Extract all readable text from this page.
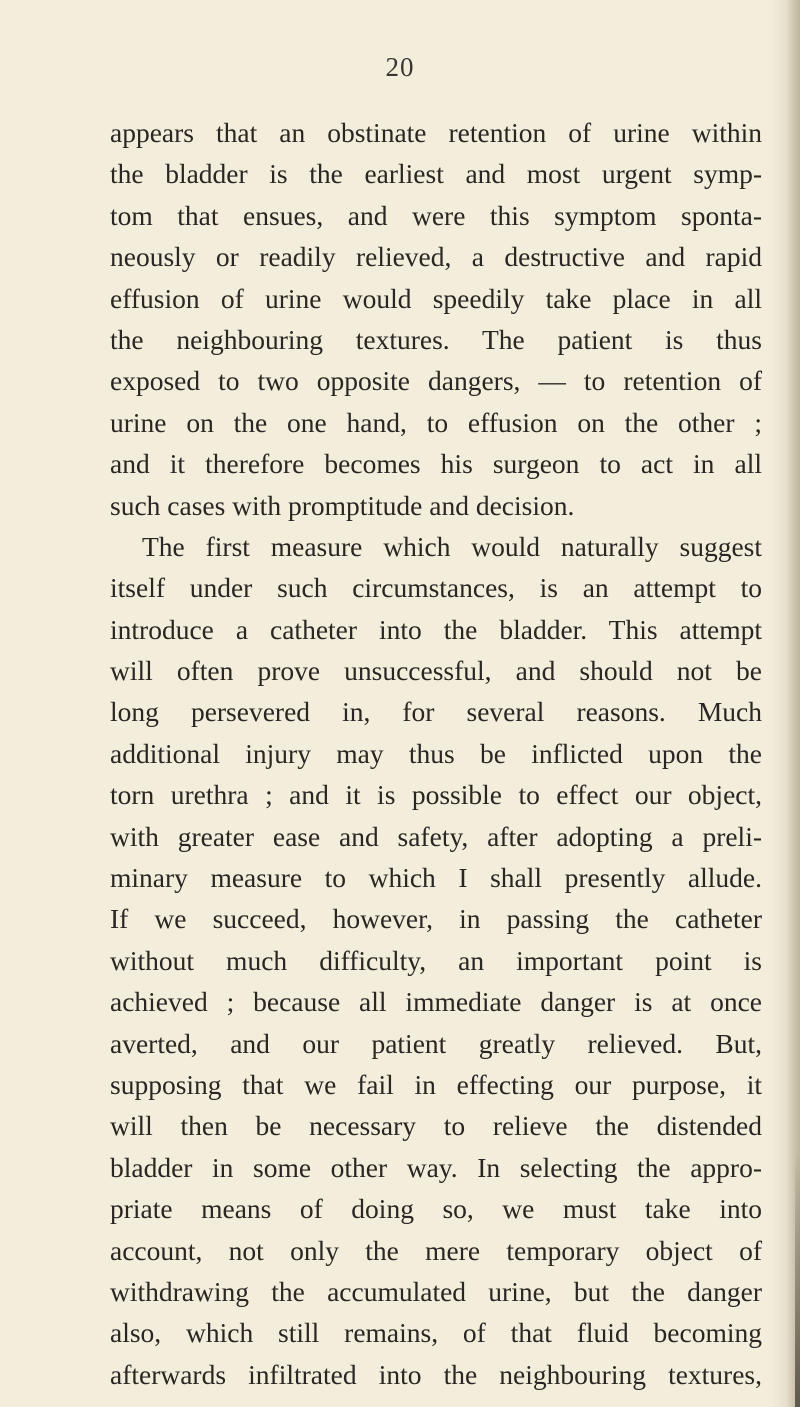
20
appears that an obstinate retention of urine within
the bladder is the earliest and most urgent symp-
tom that ensues, and were this symptom sponta-
neously or readily relieved, a destructive and rapid
effusion of urine would speedily take place in all
the neighbouring textures. The patient is thus
exposed to two opposite dangers, — to retention of
urine on the one hand, to effusion on the other ;
and it therefore becomes his surgeon to act in all
such cases with promptitude and decision.
The first measure which would naturally suggest
itself under such circumstances, is an attempt to
introduce a catheter into the bladder. This attempt
will often prove unsuccessful, and should not be
long persevered in, for several reasons. Much
additional injury may thus be inflicted upon the
torn urethra ; and it is possible to effect our object,
with greater ease and safety, after adopting a preli-
minary measure to which I shall presently allude.
If we succeed, however, in passing the catheter
without much difficulty, an important point is
achieved ; because all immediate danger is at once
averted, and our patient greatly relieved. But,
supposing that we fail in effecting our purpose, it
will then be necessary to relieve the distended
bladder in some other way. In selecting the appro-
priate means of doing so, we must take into
account, not only the mere temporary object of
withdrawing the accumulated urine, but the danger
also, which still remains, of that fluid becoming
afterwards infiltrated into the neighbouring textures,
